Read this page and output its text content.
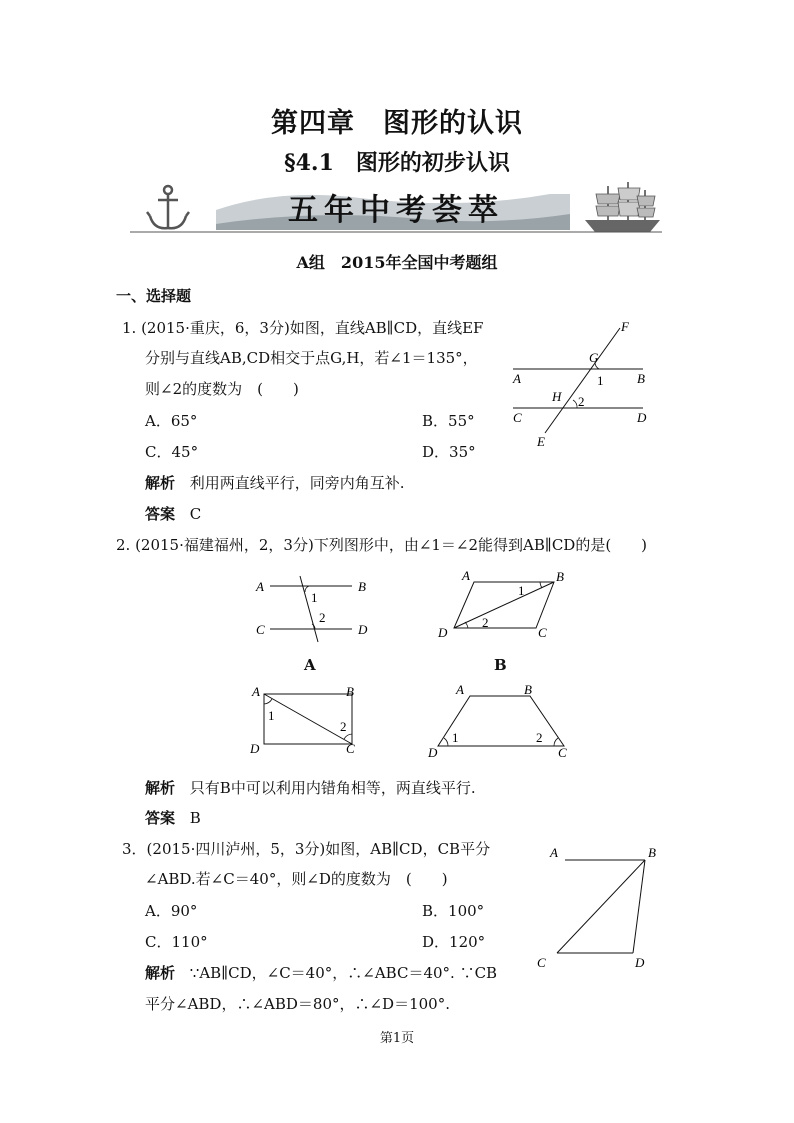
第四章　图形的认识
§4.1　图形的初步认识
五年中考荟萃
A组　2015年全国中考题组
一、选择题
1. (2015·重庆，6，3分)如图，直线AB∥CD，直线EF
分别与直线AB,CD相交于点G,H，若∠1＝135°，
则∠2的度数为　(　　)
A．65°	B．55°
C．45°	D．35°
解析 利用两直线平行，同旁内角互补.
答案 C
F
G
A	B
1
H 2
C	D
E
2. (2015·福建福州，2，3分)下列图形中，由∠1＝∠2能得到AB∥CD的是(　　)
A	B
1
2
C	D
A
A	B
1
2
D	C
B
A	B
1
2
D	C
A	B
1	2
D	C
解析 只有B中可以利用内错角相等，两直线平行.
答案 B
3．(2015·四川泸州，5，3分)如图，AB∥CD，CB平分
∠ABD.若∠C＝40°，则∠D的度数为　(　　)
A．90°	B．100°
C．110°	D．120°
解析 ∵AB∥CD，∠C＝40°，∴∠ABC＝40°. ∵CB
平分∠ABD，∴∠ABD＝80°，∴∠D＝100°.
A	B
C	D
第1页
